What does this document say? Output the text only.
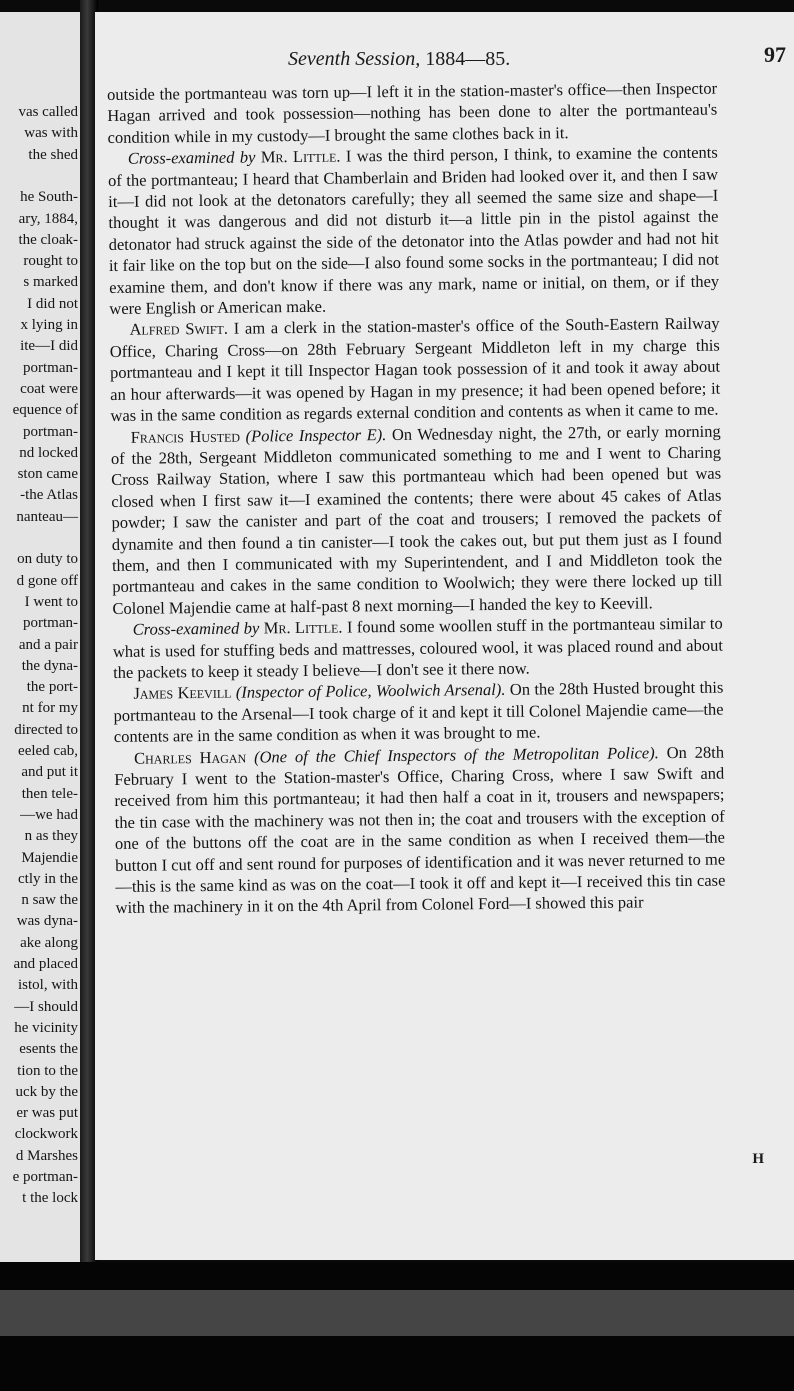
vas called
was with
the shed
he South-
ary, 1884,
the cloak-
rought to
s marked
I did not
x lying in
ite—I did
portman-
coat were
equence of
portman-
nd locked
ston came
-the Atlas
nanteau—
on duty to
d gone off
I went to
portman-
and a pair
the dyna-
the port-
nt for my
directed to
eeled cab,
and put it
then tele-
—we had
n as they
Majendie
ctly in the
n saw the
was dyna-
ake along
and placed
istol, with
—I should
he vicinity
esents the
tion to the
uck by the
er was put
clockwork
d Marshes
e portman-
t the lock
Seventh Session, 1884—85.	97

outside the portmanteau was torn up—I left it in the station-master's office—then Inspector Hagan arrived and took possession—nothing has been done to alter the portmanteau's condition while in my custody—I brought the same clothes back in it.

Cross-examined by Mr. Little. I was the third person, I think, to examine the contents of the portmanteau; I heard that Chamberlain and Briden had looked over it, and then I saw it—I did not look at the detonators carefully; they all seemed the same size and shape—I thought it was dangerous and did not disturb it—a little pin in the pistol against the detonator had struck against the side of the detonator into the Atlas powder and had not hit it fair like on the top but on the side—I also found some socks in the portmanteau; I did not examine them, and don't know if there was any mark, name or initial, on them, or if they were English or American make.

Alfred Swift. I am a clerk in the station-master's office of the South-Eastern Railway Office, Charing Cross—on 28th February Sergeant Middleton left in my charge this portmanteau and I kept it till Inspector Hagan took possession of it and took it away about an hour afterwards—it was opened by Hagan in my presence; it had been opened before; it was in the same condition as regards external condition and contents as when it came to me.

Francis Husted (Police Inspector E). On Wednesday night, the 27th, or early morning of the 28th, Sergeant Middleton communicated something to me and I went to Charing Cross Railway Station, where I saw this portmanteau which had been opened but was closed when I first saw it—I examined the contents; there were about 45 cakes of Atlas powder; I saw the canister and part of the coat and trousers; I removed the packets of dynamite and then found a tin canister—I took the cakes out, but put them just as I found them, and then I communicated with my Superintendent, and I and Middleton took the portmanteau and cakes in the same condition to Woolwich; they were there locked up till Colonel Majendie came at half-past 8 next morning—I handed the key to Keevill.

Cross-examined by Mr. Little. I found some woollen stuff in the portmanteau similar to what is used for stuffing beds and mattresses, coloured wool, it was placed round and about the packets to keep it steady I believe—I don't see it there now.

James Keevill (Inspector of Police, Woolwich Arsenal). On the 28th Husted brought this portmanteau to the Arsenal—I took charge of it and kept it till Colonel Majendie came—the contents are in the same condition as when it was brought to me.

Charles Hagan (One of the Chief Inspectors of the Metropolitan Police). On 28th February I went to the Station-master's Office, Charing Cross, where I saw Swift and received from him this portmanteau; it had then half a coat in it, trousers and newspapers; the tin case with the machinery was not then in; the coat and trousers with the exception of one of the buttons off the coat are in the same condition as when I received them—the button I cut off and sent round for purposes of identification and it was never returned to me—this is the same kind as was on the coat—I took it off and kept it—I received this tin case with the machinery in it on the 4th April from Colonel Ford—I showed this pair

H
